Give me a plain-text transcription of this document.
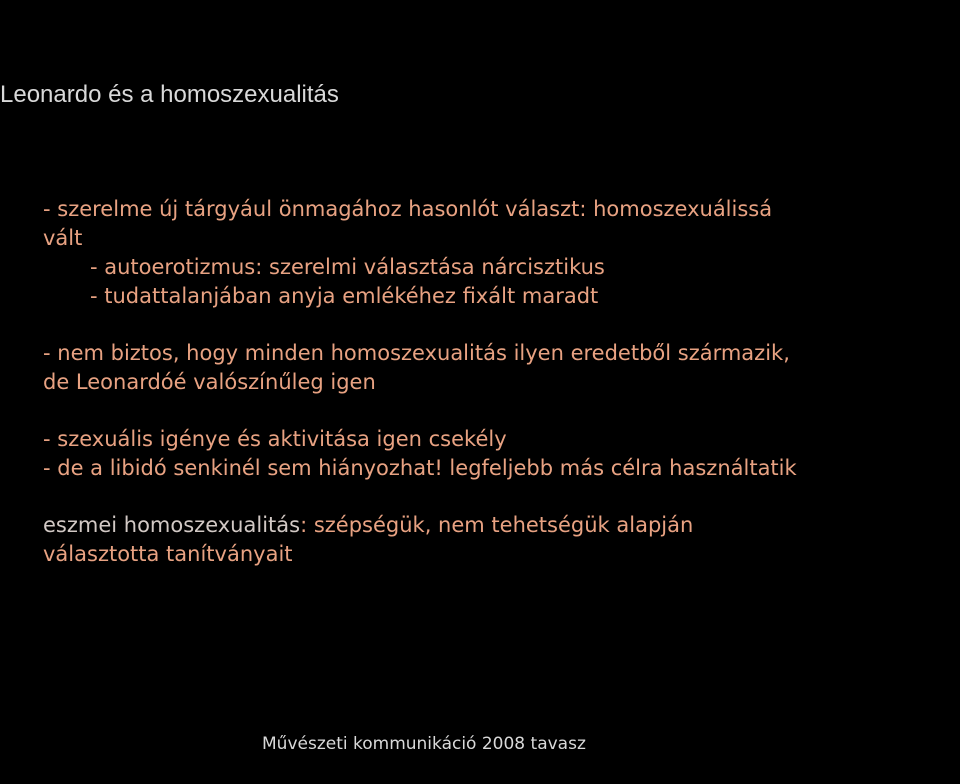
Leonardo és a homoszexualitás
- szerelme új tárgyául önmagához hasonlót választ: homoszexuálissá
vált
- autoerotizmus: szerelmi választása nárcisztikus
- tudattalanjában anyja emlékéhez fixált maradt
- nem biztos, hogy minden homoszexualitás ilyen eredetből származik,
de Leonardóé valószínűleg igen
- szexuális igénye és aktivitása igen csekély
- de a libidó senkinél sem hiányozhat! legfeljebb más célra használtatik
eszmei homoszexualitás: szépségük, nem tehetségük alapján
választotta tanítványait
Művészeti kommunikáció 2008 tavasz
